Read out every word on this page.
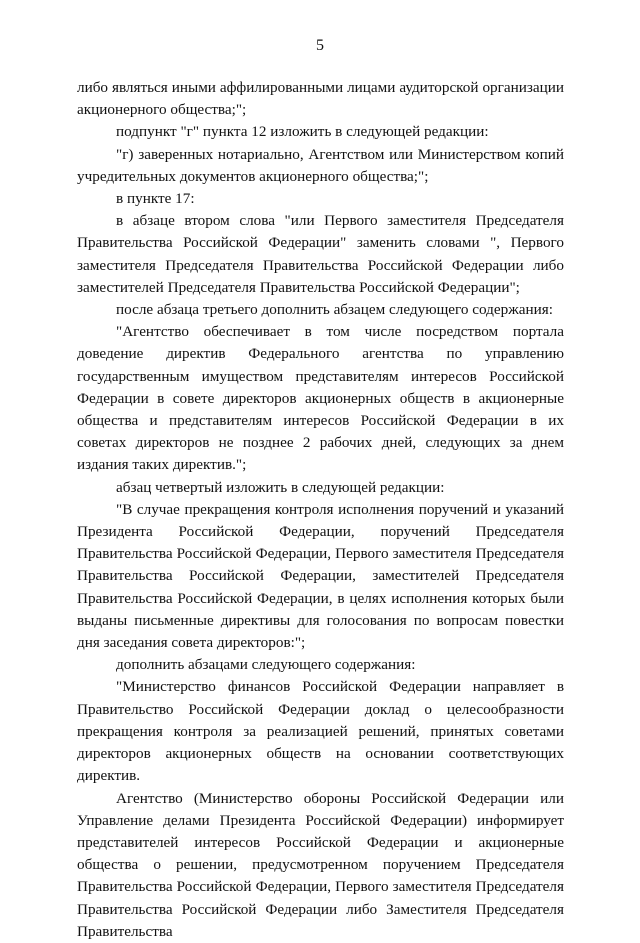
5

либо являться иными аффилированными лицами аудиторской организации акционерного общества;";

подпункт "г" пункта 12 изложить в следующей редакции:

"г) заверенных нотариально, Агентством или Министерством копий учредительных документов акционерного общества;";

в пункте 17:

в абзаце втором слова "или Первого заместителя Председателя Правительства Российской Федерации" заменить словами ", Первого заместителя Председателя Правительства Российской Федерации либо заместителей Председателя Правительства Российской Федерации";

после абзаца третьего дополнить абзацем следующего содержания:

"Агентство обеспечивает в том числе посредством портала доведение директив Федерального агентства по управлению государственным имуществом представителям интересов Российской Федерации в совете директоров акционерных обществ в акционерные общества и представителям интересов Российской Федерации в их советах директоров не позднее 2 рабочих дней, следующих за днем издания таких директив.";

абзац четвертый изложить в следующей редакции:

"В случае прекращения контроля исполнения поручений и указаний Президента Российской Федерации, поручений Председателя Правительства Российской Федерации, Первого заместителя Председателя Правительства Российской Федерации, заместителей Председателя Правительства Российской Федерации, в целях исполнения которых были выданы письменные директивы для голосования по вопросам повестки дня заседания совета директоров:";

дополнить абзацами следующего содержания:

"Министерство финансов Российской Федерации направляет в Правительство Российской Федерации доклад о целесообразности прекращения контроля за реализацией решений, принятых советами директоров акционерных обществ на основании соответствующих директив.

Агентство (Министерство обороны Российской Федерации или Управление делами Президента Российской Федерации) информирует представителей интересов Российской Федерации и акционерные общества о решении, предусмотренном поручением Председателя Правительства Российской Федерации, Первого заместителя Председателя Правительства Российской Федерации либо Заместителя Председателя Правительства
